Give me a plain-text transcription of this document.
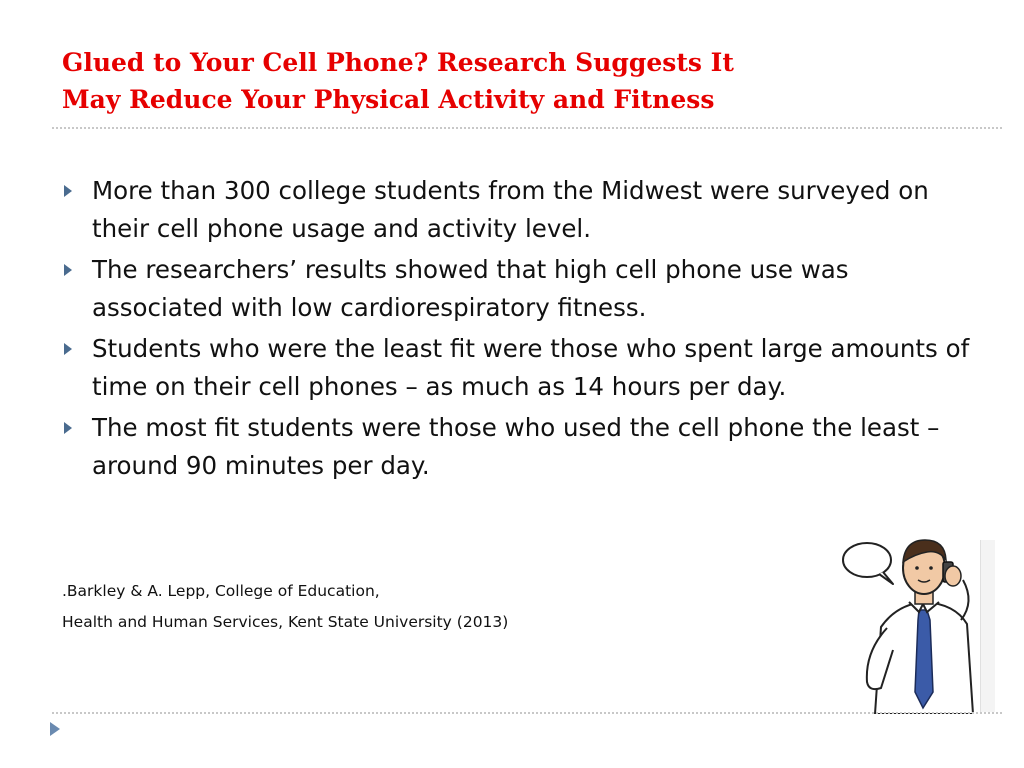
Glued to Your Cell Phone? Research Suggests It
May Reduce Your Physical Activity and Fitness
More than 300 college students from the Midwest were surveyed on their cell phone usage and activity level.
The researchers’ results showed that high cell phone use was associated with low cardiorespiratory fitness.
Students who were the least fit were those who spent large amounts of time on their cell phones – as much as 14 hours per day.
The most fit students were those who used the cell phone the least – around 90 minutes per day.

.Barkley & A. Lepp, College of Education,

Health and Human Services, Kent State University (2013)
